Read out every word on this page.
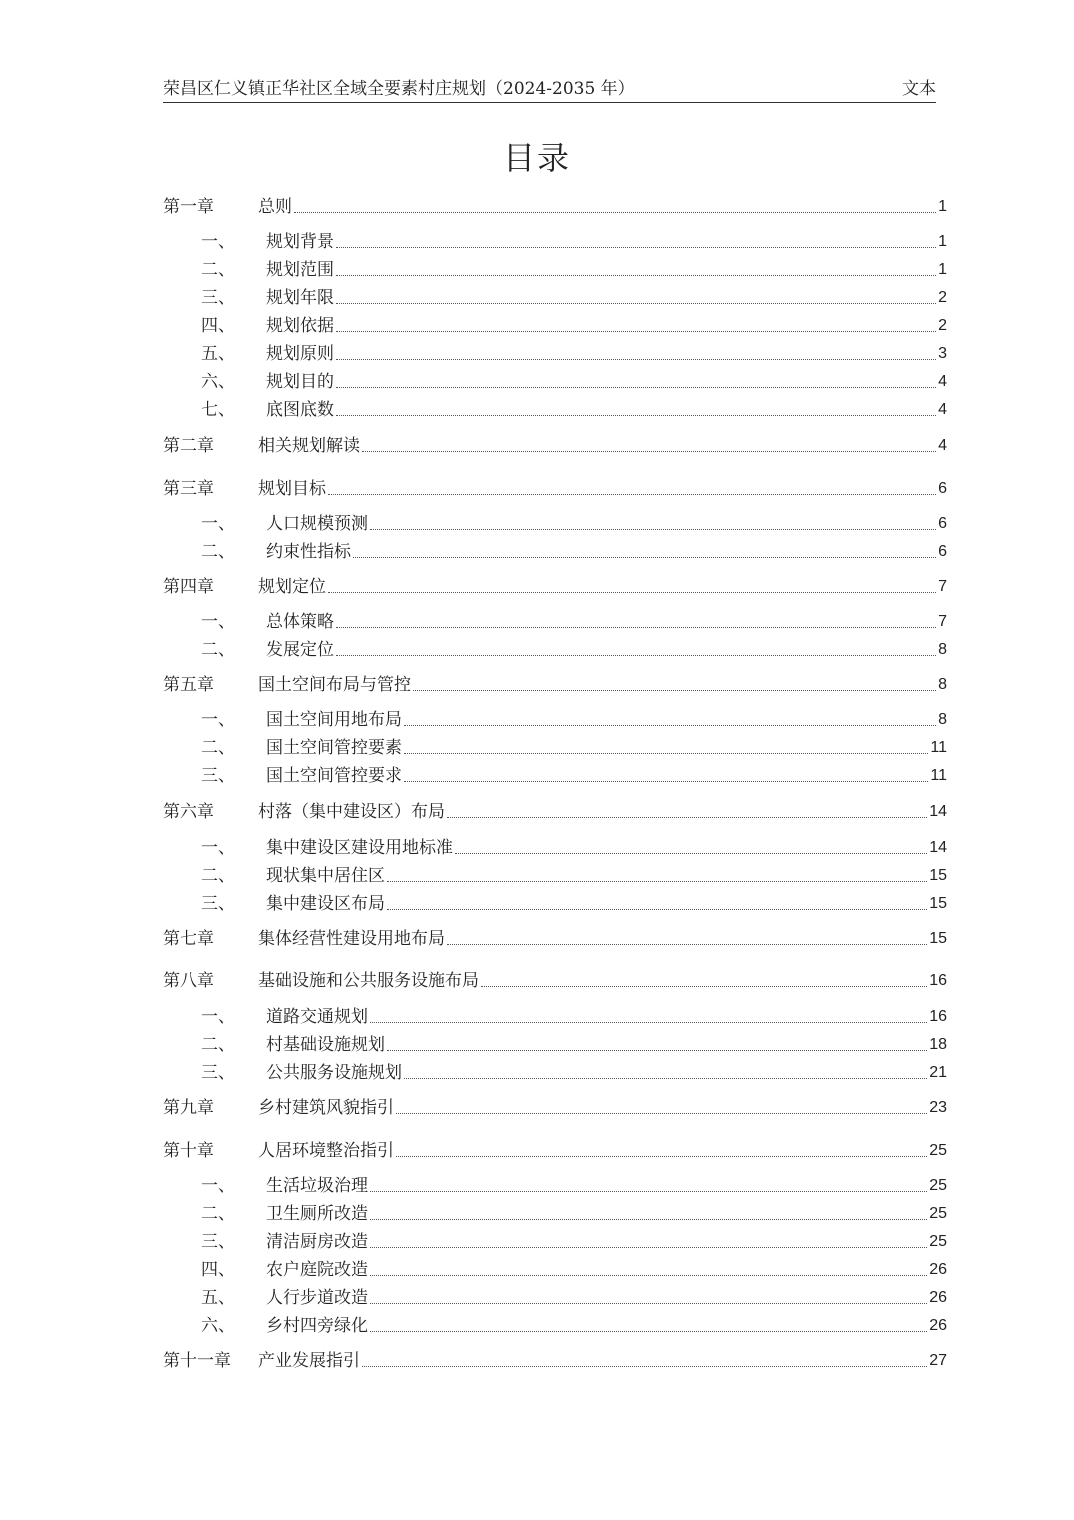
荣昌区仁义镇正华社区全域全要素村庄规划（2024-2035 年）	文本
目录
第一章	总则	1
一、	规划背景	1
二、	规划范围	1
三、	规划年限	2
四、	规划依据	2
五、	规划原则	3
六、	规划目的	4
七、	底图底数	4
第二章	相关规划解读	4
第三章	规划目标	6
一、	人口规模预测	6
二、	约束性指标	6
第四章	规划定位	7
一、	总体策略	7
二、	发展定位	8
第五章	国土空间布局与管控	8
一、	国土空间用地布局	8
二、	国土空间管控要素	11
三、	国土空间管控要求	11
第六章	村落（集中建设区）布局	14
一、	集中建设区建设用地标准	14
二、	现状集中居住区	15
三、	集中建设区布局	15
第七章	集体经营性建设用地布局	15
第八章	基础设施和公共服务设施布局	16
一、	道路交通规划	16
二、	村基础设施规划	18
三、	公共服务设施规划	21
第九章	乡村建筑风貌指引	23
第十章	人居环境整治指引	25
一、	生活垃圾治理	25
二、	卫生厕所改造	25
三、	清洁厨房改造	25
四、	农户庭院改造	26
五、	人行步道改造	26
六、	乡村四旁绿化	26
第十一章	产业发展指引	27
